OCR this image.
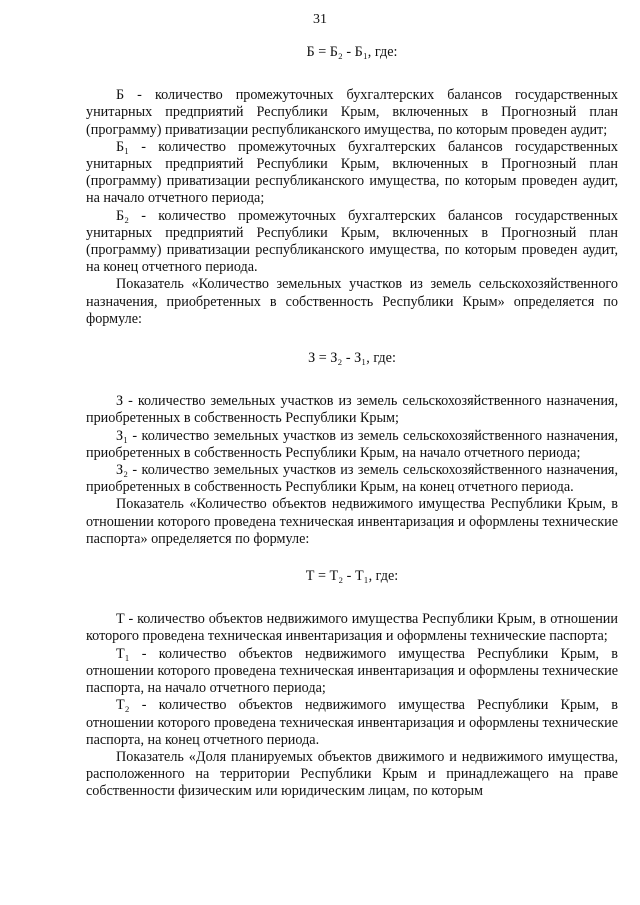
31
Б = Б₂ - Б₁, где:

Б - количество промежуточных бухгалтерских балансов государственных унитарных предприятий Республики Крым, включенных в Прогнозный план (программу) приватизации республиканского имущества, по которым проведен аудит;

Б₁ - количество промежуточных бухгалтерских балансов государственных унитарных предприятий Республики Крым, включенных в Прогнозный план (программу) приватизации республиканского имущества, по которым проведен аудит, на начало отчетного периода;

Б₂ - количество промежуточных бухгалтерских балансов государственных унитарных предприятий Республики Крым, включенных в Прогнозный план (программу) приватизации республиканского имущества, по которым проведен аудит, на конец отчетного периода.

Показатель «Количество земельных участков из земель сельскохозяйственного назначения, приобретенных в собственность Республики Крым» определяется по формуле:

З = З₂ - З₁, где:

З - количество земельных участков из земель сельскохозяйственного назначения, приобретенных в собственность Республики Крым;

З₁ - количество земельных участков из земель сельскохозяйственного назначения, приобретенных в собственность Республики Крым, на начало отчетного периода;

З₂ - количество земельных участков из земель сельскохозяйственного назначения, приобретенных в собственность Республики Крым, на конец отчетного периода.

Показатель «Количество объектов недвижимого имущества Республики Крым, в отношении которого проведена техническая инвентаризация и оформлены технические паспорта» определяется по формуле:

Т = Т₂ - Т₁, где:

Т - количество объектов недвижимого имущества Республики Крым, в отношении которого проведена техническая инвентаризация и оформлены технические паспорта;

Т₁ - количество объектов недвижимого имущества Республики Крым, в отношении которого проведена техническая инвентаризация и оформлены технические паспорта, на начало отчетного периода;

Т₂ - количество объектов недвижимого имущества Республики Крым, в отношении которого проведена техническая инвентаризация и оформлены технические паспорта, на конец отчетного периода.

Показатель «Доля планируемых объектов движимого и недвижимого имущества, расположенного на территории Республики Крым и принадлежащего на праве собственности физическим или юридическим лицам, по которым
